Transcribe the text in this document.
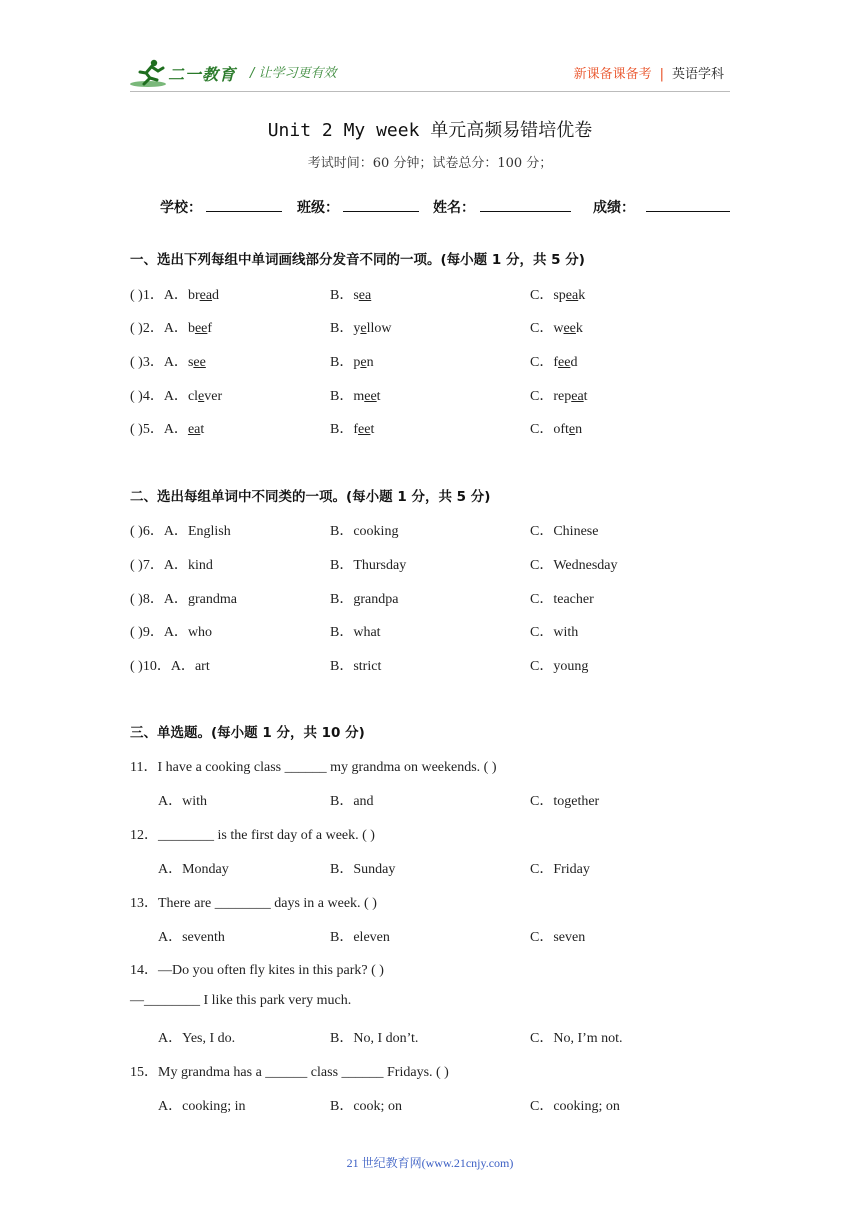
二一教育 / 让学习更有效	新课备课备考 | 英语学科
Unit 2 My week 单元高频易错培优卷
考试时间：60 分钟；试卷总分：100 分；
学校：	班级：	姓名：	成绩：
一、选出下列每组中单词画线部分发音不同的一项。(每小题 1 分，共 5 分)
( )1．A．bread	B．sea	C．speak
( )2．A．beef	B．yellow	C．week
( )3．A．see	B．pen	C．feed
( )4．A．clever	B．meet	C．repeat
( )5．A．eat	B．feet	C．often
二、选出每组单词中不同类的一项。(每小题 1 分，共 5 分)
( )6．A．English	B．cooking	C．Chinese
( )7．A．kind	B．Thursday	C．Wednesday
( )8．A．grandma	B．grandpa	C．teacher
( )9．A．who	B．what	C．with
( )10．A．art	B．strict	C．young
三、单选题。(每小题 1 分，共 10 分)
11．I have a cooking class ______ my grandma on weekends. ( )
A．with	B．and	C．together
12．________ is the first day of a week. ( )
A．Monday	B．Sunday	C．Friday
13．There are ________ days in a week. ( )
A．seventh	B．eleven	C．seven
14．—Do you often fly kites in this park? ( )
—________ I like this park very much.
A．Yes, I do.	B．No, I don’t.	C．No, I’m not.
15．My grandma has a ______ class ______ Fridays. ( )
A．cooking; in	B．cook; on	C．cooking; on
21 世纪教育网(www.21cnjy.com)
